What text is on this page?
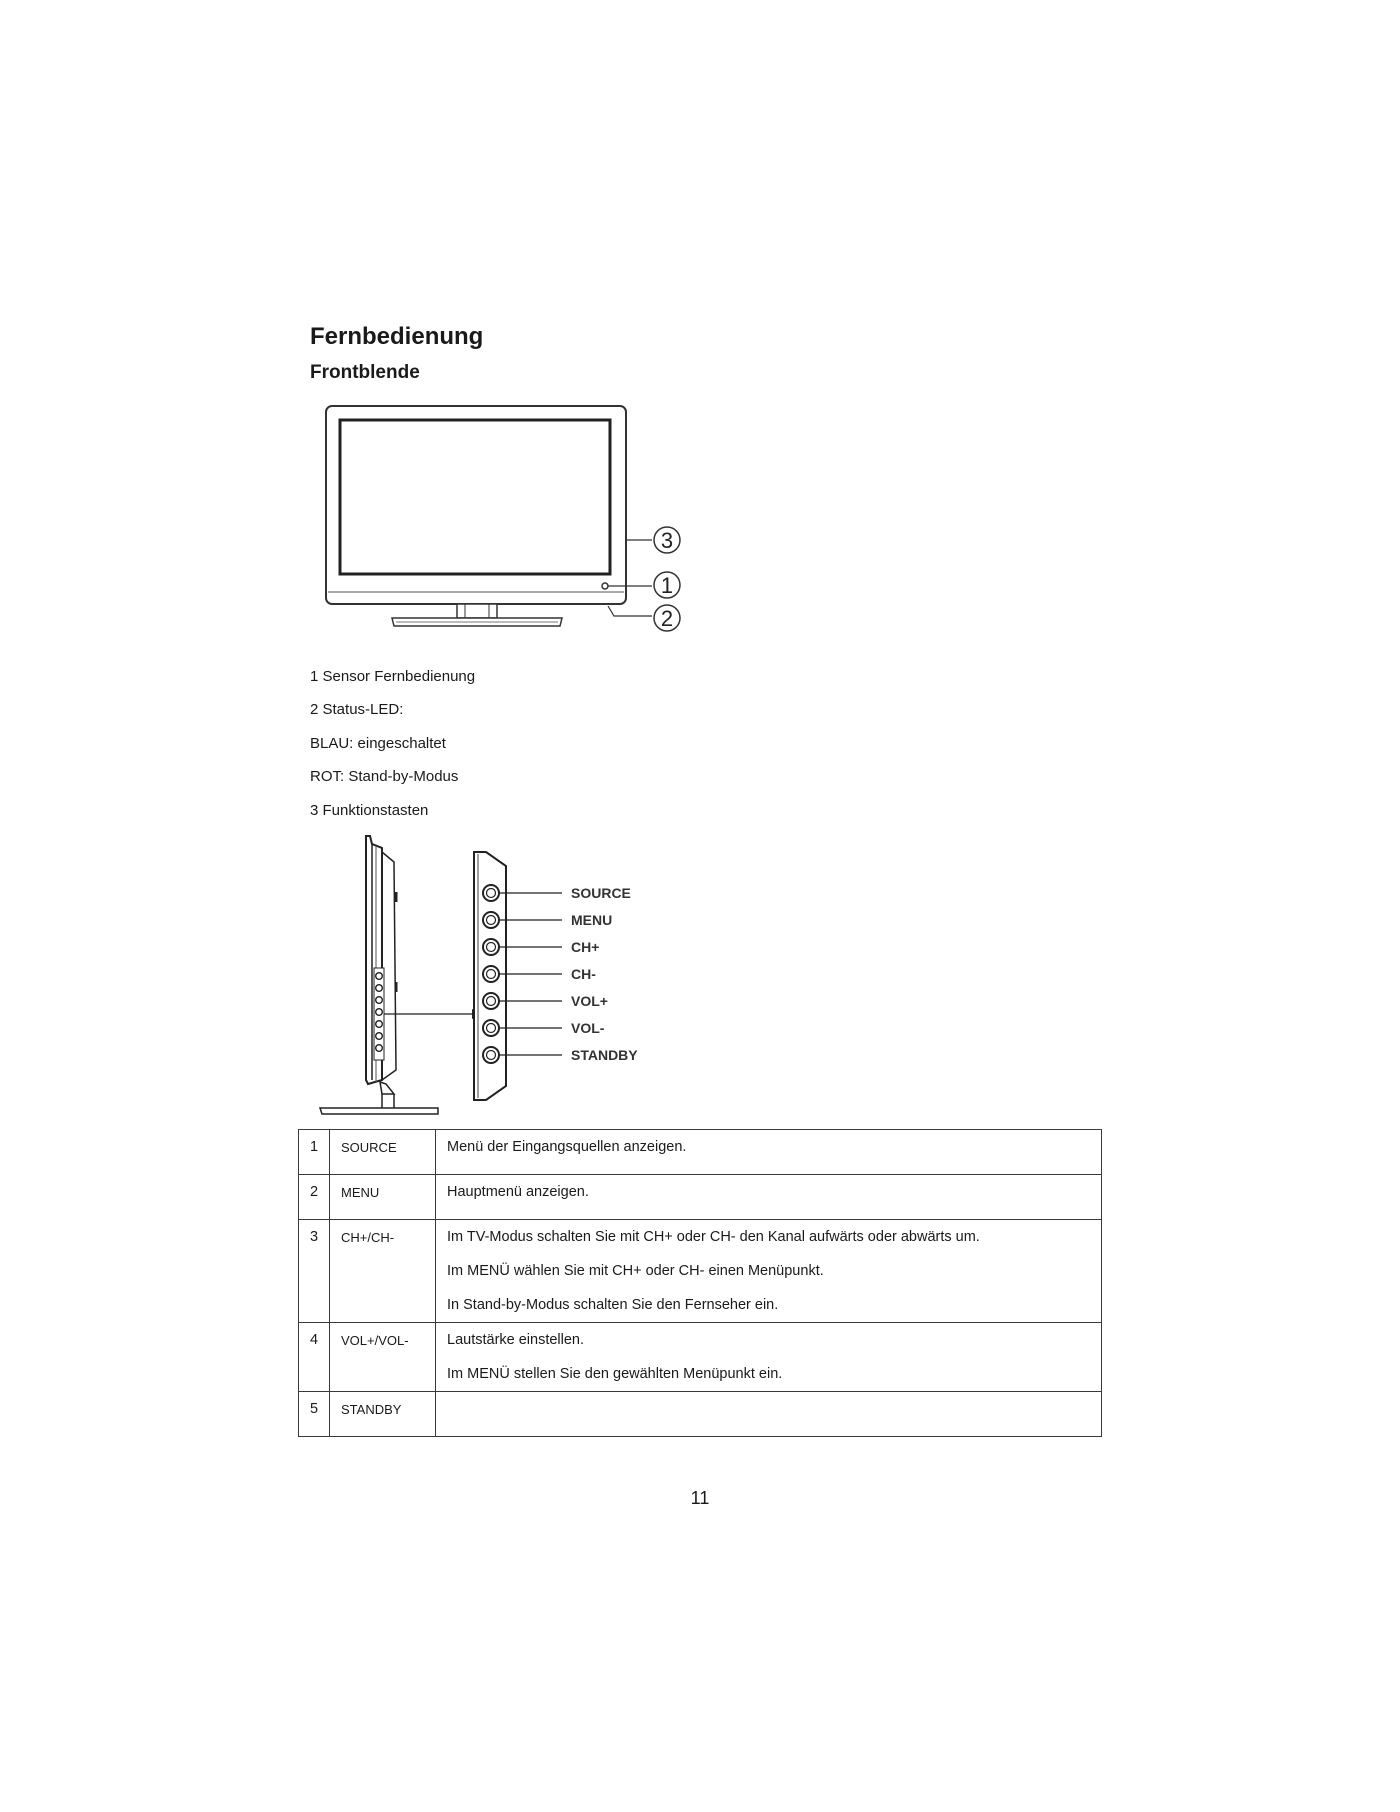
Fernbedienung
Frontblende
3
1
2
1 Sensor Fernbedienung
2 Status-LED:
BLAU: eingeschaltet
ROT: Stand-by-Modus
3 Funktionstasten
SOURCE
MENU
CH+
CH-
VOL+
VOL-
STANDBY
1	SOURCE	Menü der Eingangsquellen anzeigen.

2	MENU	Hauptmenü anzeigen.

3	CH+/CH-	Im TV-Modus schalten Sie mit CH+ oder CH- den Kanal aufwärts oder abwärts um.
Im MENÜ wählen Sie mit CH+ oder CH- einen Menüpunkt.
In Stand-by-Modus schalten Sie den Fernseher ein.

4	VOL+/VOL-	Lautstärke einstellen.
Im MENÜ stellen Sie den gewählten Menüpunkt ein.

5	STANDBY	
11
